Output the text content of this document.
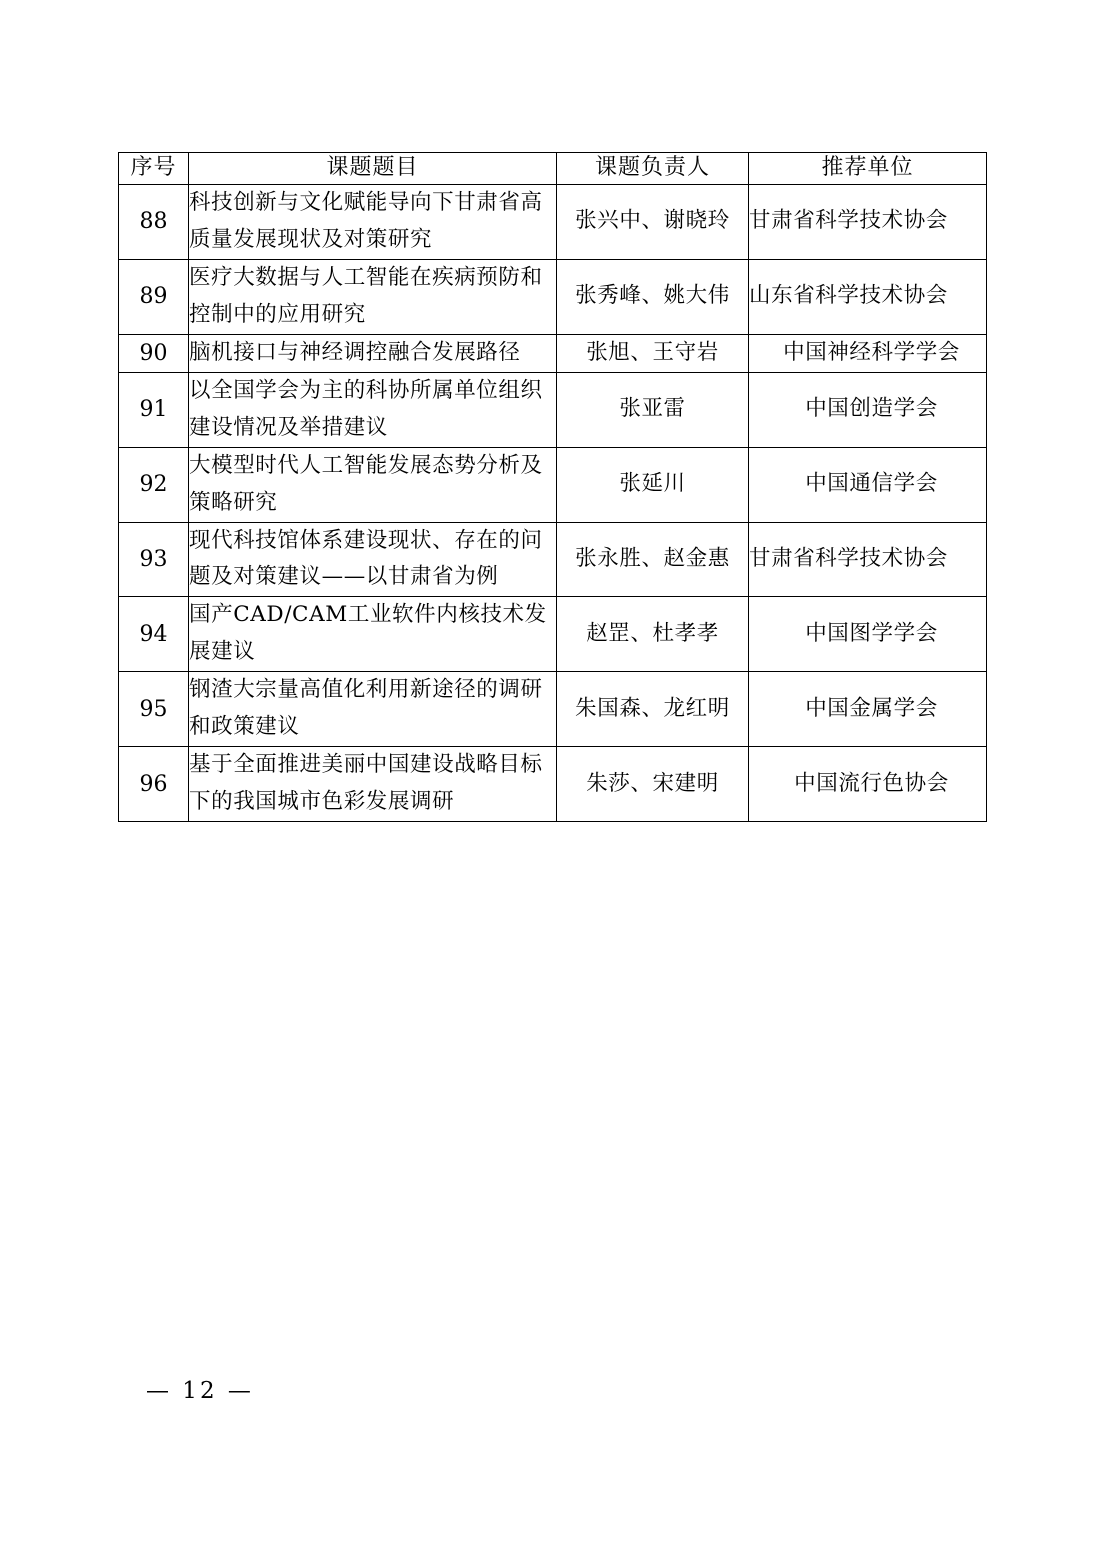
序号	课题题目	课题负责人	推荐单位
88	科技创新与文化赋能导向下甘肃省高质量发展现状及对策研究	张兴中、谢晓玲	甘肃省科学技术协会
89	医疗大数据与人工智能在疾病预防和控制中的应用研究	张秀峰、姚大伟	山东省科学技术协会
90	脑机接口与神经调控融合发展路径	张旭、王守岩	中国神经科学学会
91	以全国学会为主的科协所属单位组织建设情况及举措建议	张亚雷	中国创造学会
92	大模型时代人工智能发展态势分析及策略研究	张延川	中国通信学会
93	现代科技馆体系建设现状、存在的问题及对策建议——以甘肃省为例	张永胜、赵金惠	甘肃省科学技术协会
94	国产CAD/CAM工业软件内核技术发展建议	赵罡、杜孝孝	中国图学学会
95	钢渣大宗量高值化利用新途径的调研和政策建议	朱国森、龙红明	中国金属学会
96	基于全面推进美丽中国建设战略目标下的我国城市色彩发展调研	朱莎、宋建明	中国流行色协会
— 12 —
